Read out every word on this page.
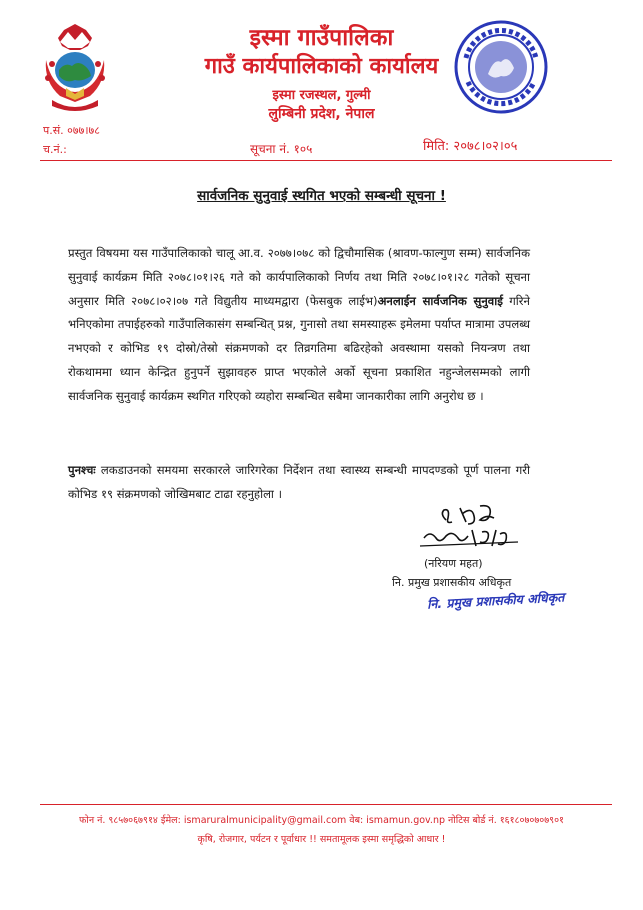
इस्मा गाउँपालिका
गाउँ कार्यपालिकाको कार्यालय
इस्मा रजस्थल, गुल्मी
लुम्बिनी प्रदेश, नेपाल
प.सं. ०७७।७८
च.नं.:	सूचना नं. १०५	मिति: २०७८।०२।०५
सार्वजनिक सुनुवाई स्थगित भएको सम्बन्धी सूचना !
प्रस्तुत विषयमा यस गाउँपालिकाको चालू आ.व. २०७७।०७८ को द्विचौमासिक (श्रावण-फाल्गुण सम्म) सार्वजनिक सुनुवाई कार्यक्रम मिति २०७८।०१।२६ गते को कार्यपालिकाको निर्णय तथा मिति २०७८।०१।२८ गतेको सूचना अनुसार मिति २०७८।०२।०७ गते विद्युतीय माध्यमद्वारा (फेसबुक लाईभ)अनलाईन सार्वजनिक सुनुवाई गरिने भनिएकोमा तपाईहरुको गाउँपालिकासंग सम्बन्धित् प्रश्न, गुनासो तथा समस्याहरू इमेलमा पर्याप्त मात्रामा उपलब्ध नभएको र कोभिड १९ दोस्रो/तेस्रो संक्रमणको दर तिव्रगतिमा बढिरहेको अवस्थामा यसको नियन्त्रण तथा रोकथाममा ध्यान केन्द्रित हुनुपर्ने सुझावहरु प्राप्त भएकोले अर्को सूचना प्रकाशित नहुन्जेलसम्मको लागी सार्वजनिक सुनुवाई कार्यक्रम स्थगित गरिएको व्यहोरा सम्बन्धित सबैमा जानकारीका लागि अनुरोध छ ।
पुनश्चः लकडाउनको समयमा सरकारले जारिगरेका निर्देशन तथा स्वास्थ्य सम्बन्धी मापदण्डको पूर्ण पालना गरी कोभिड १९ संक्रमणको जोखिमबाट टाढा रहनुहोला ।
(नरियण महत)
नि. प्रमुख प्रशासकीय अधिकृत
नि. प्रमुख प्रशासकीय अधिकृत
फोन नं. ९८५७०६७९१४ ईमेल: ismaruralmunicipality@gmail.com वेब: ismamun.gov.np नोटिस बोर्ड नं. १६१८०७०७०७९०१
कृषि, रोजगार, पर्यटन र पूर्वाधार !! समतामूलक इस्मा समृद्धिको आधार !
